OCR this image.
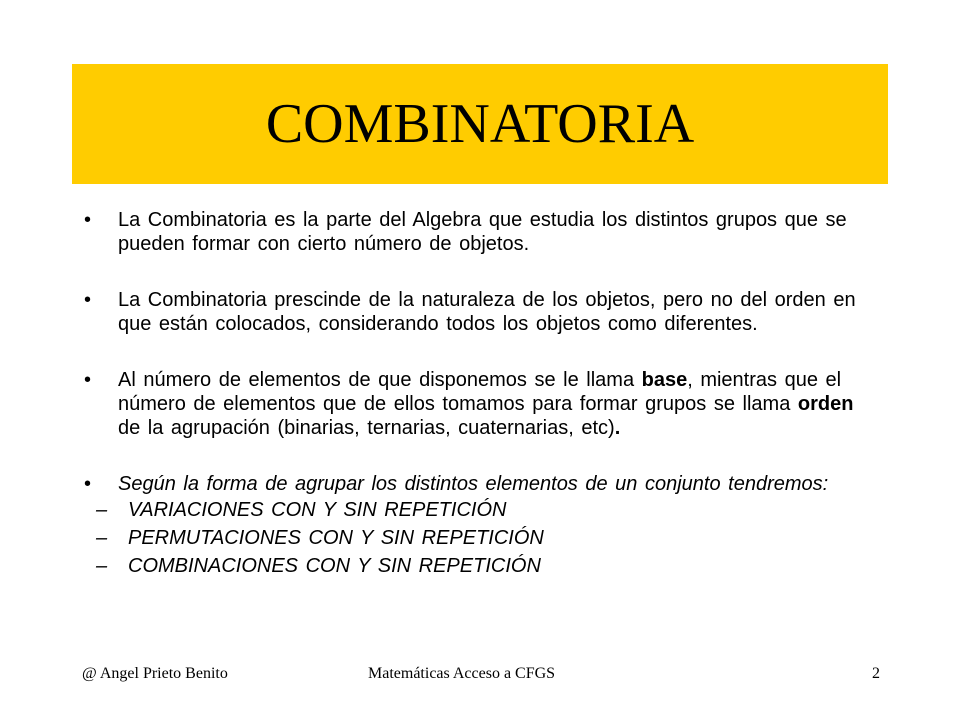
COMBINATORIA
•	La Combinatoria es la parte del Algebra que estudia los distintos grupos que se pueden formar con cierto número de objetos.
•	La Combinatoria prescinde de la naturaleza de los objetos, pero no del orden en que están colocados, considerando todos los objetos como diferentes.
•	Al número de elementos de que disponemos se le llama base, mientras que el número de elementos que de ellos tomamos para formar grupos se llama orden de la agrupación (binarias, ternarias, cuaternarias, etc).
•	Según la forma de agrupar los distintos elementos de un conjunto tendremos:
– VARIACIONES CON Y SIN REPETICIÓN
– PERMUTACIONES CON Y SIN REPETICIÓN
– COMBINACIONES CON Y SIN REPETICIÓN
@ Angel Prieto Benito	Matemáticas Acceso a CFGS	2
